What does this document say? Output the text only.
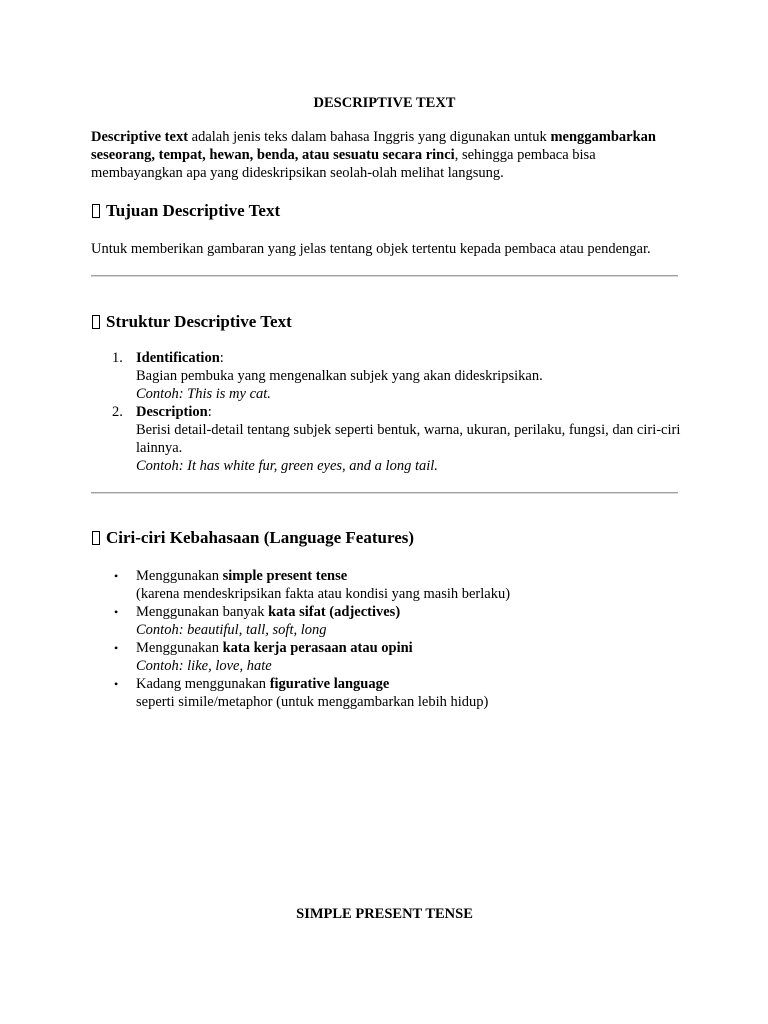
DESCRIPTIVE TEXT

Descriptive text adalah jenis teks dalam bahasa Inggris yang digunakan untuk menggambarkan seseorang, tempat, hewan, benda, atau sesuatu secara rinci, sehingga pembaca bisa membayangkan apa yang dideskripsikan seolah-olah melihat langsung.

Tujuan Descriptive Text

Untuk memberikan gambaran yang jelas tentang objek tertentu kepada pembaca atau pendengar.

Struktur Descriptive Text
1. Identification:
Bagian pembuka yang mengenalkan subjek yang akan dideskripsikan.
Contoh: This is my cat.
2. Description:
Berisi detail-detail tentang subjek seperti bentuk, warna, ukuran, perilaku, fungsi, dan ciri-ciri lainnya.
Contoh: It has white fur, green eyes, and a long tail.
Ciri-ciri Kebahasaan (Language Features)
• Menggunakan simple present tense
(karena mendeskripsikan fakta atau kondisi yang masih berlaku)
• Menggunakan banyak kata sifat (adjectives)
Contoh: beautiful, tall, soft, long
• Menggunakan kata kerja perasaan atau opini
Contoh: like, love, hate
• Kadang menggunakan figurative language
seperti simile/metaphor (untuk menggambarkan lebih hidup)
SIMPLE PRESENT TENSE
